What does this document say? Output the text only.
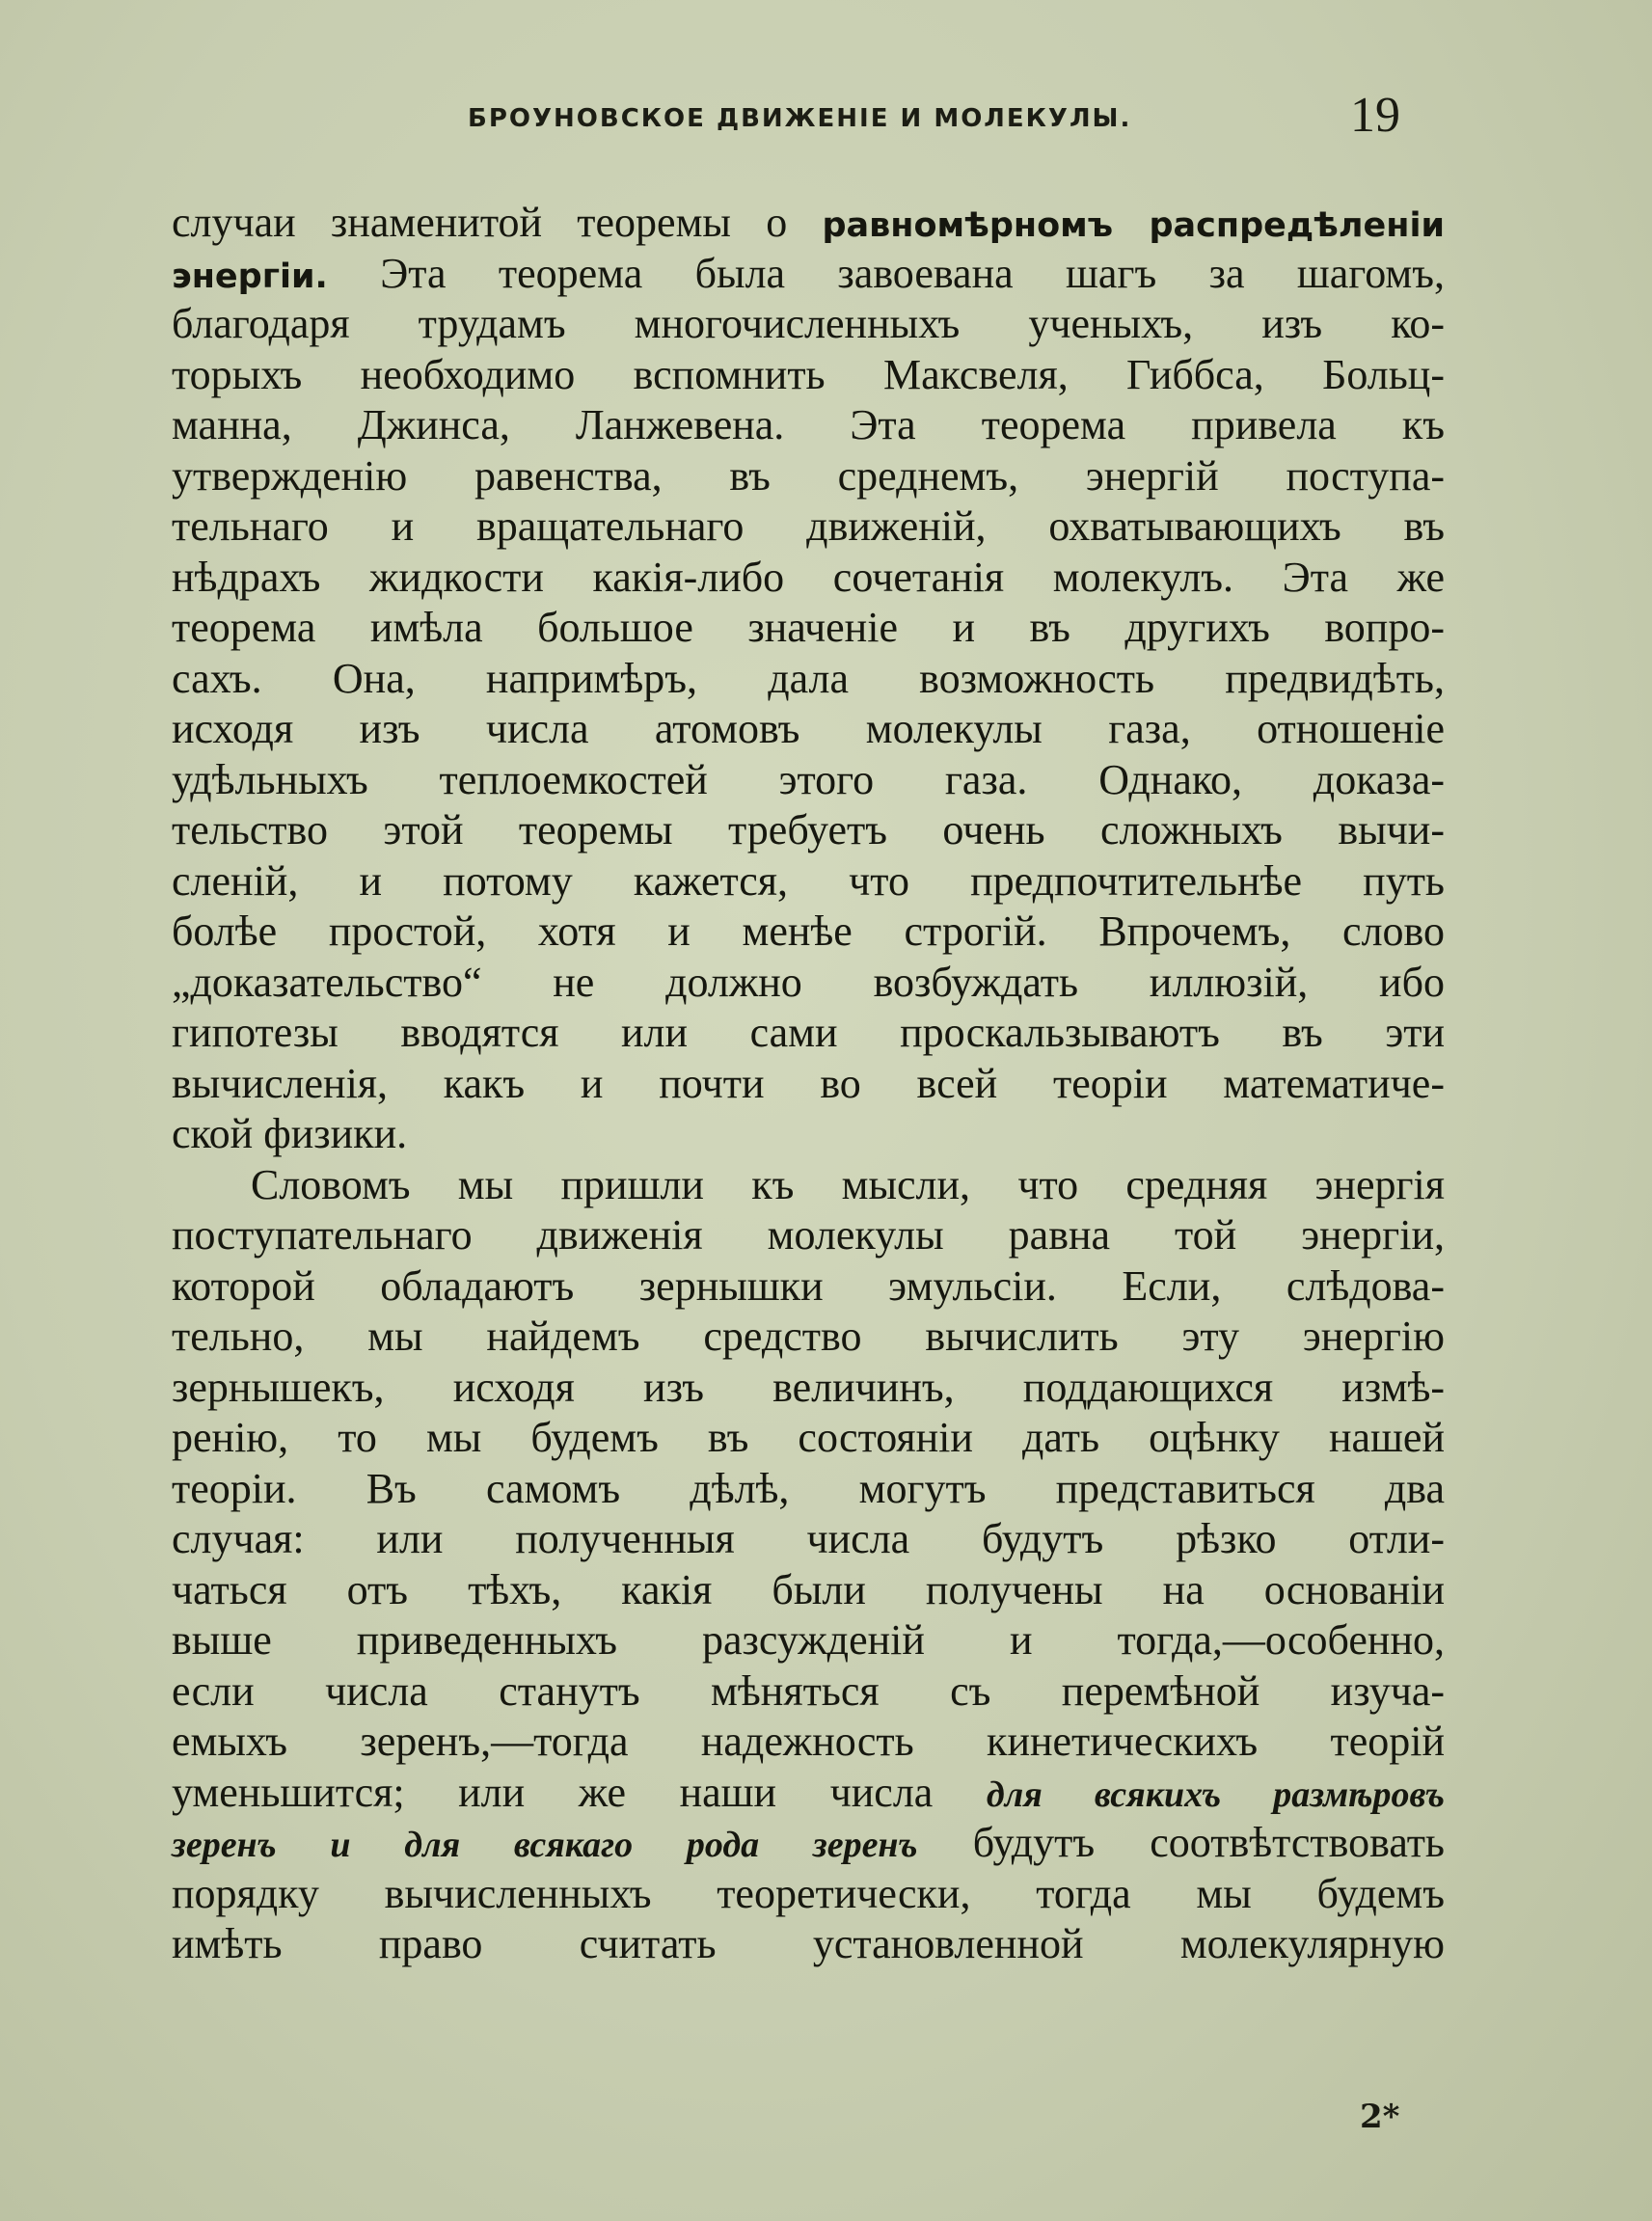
БРОУНОВСКОЕ ДВИЖЕНІЕ И МОЛЕКУЛЫ.	19
случаи знаменитой теоремы о равномѣрномъ распредѣленіи
энергіи. Эта теорема была завоевана шагъ за шагомъ,
благодаря трудамъ многочисленныхъ ученыхъ, изъ ко-
торыхъ необходимо вспомнить Максвеля, Гиббса, Больц-
манна, Джинса, Ланжевена. Эта теорема привела къ
утвержденію равенства, въ среднемъ, энергій поступа-
тельнаго и вращательнаго движеній, охватывающихъ въ
нѣдрахъ жидкости какія-либо сочетанія молекулъ. Эта же
теорема имѣла большое значеніе и въ другихъ вопро-
сахъ. Она, напримѣръ, дала возможность предвидѣть,
исходя изъ числа атомовъ молекулы газа, отношеніе
удѣльныхъ теплоемкостей этого газа. Однако, доказа-
тельство этой теоремы требуетъ очень сложныхъ вычи-
сленій, и потому кажется, что предпочтительнѣе путь
болѣе простой, хотя и менѣе строгій. Впрочемъ, слово
„доказательство“ не должно возбуждать иллюзій, ибо
гипотезы вводятся или сами проскальзываютъ въ эти
вычисленія, какъ и почти во всей теоріи математиче-
ской физики.
Словомъ мы пришли къ мысли, что средняя энергія
поступательнаго движенія молекулы равна той энергіи,
которой обладаютъ зернышки эмульсіи. Если, слѣдова-
тельно, мы найдемъ средство вычислить эту энергію
зернышекъ, исходя изъ величинъ, поддающихся измѣ-
ренію, то мы будемъ въ состояніи дать оцѣнку нашей
теоріи. Въ самомъ дѣлѣ, могутъ представиться два
случая: или полученныя числа будутъ рѣзко отли-
чаться отъ тѣхъ, какія были получены на основаніи
выше приведенныхъ разсужденій и тогда,—особенно,
если числа станутъ мѣняться съ перемѣной изуча-
емыхъ зеренъ,—тогда надежность кинетическихъ теорій
уменьшится; или же наши числа для всякихъ размѣровъ
зеренъ и для всякаго рода зеренъ будутъ соотвѣтствовать
порядку вычисленныхъ теоретически, тогда мы будемъ
имѣть право считать установленной молекулярную
2*
